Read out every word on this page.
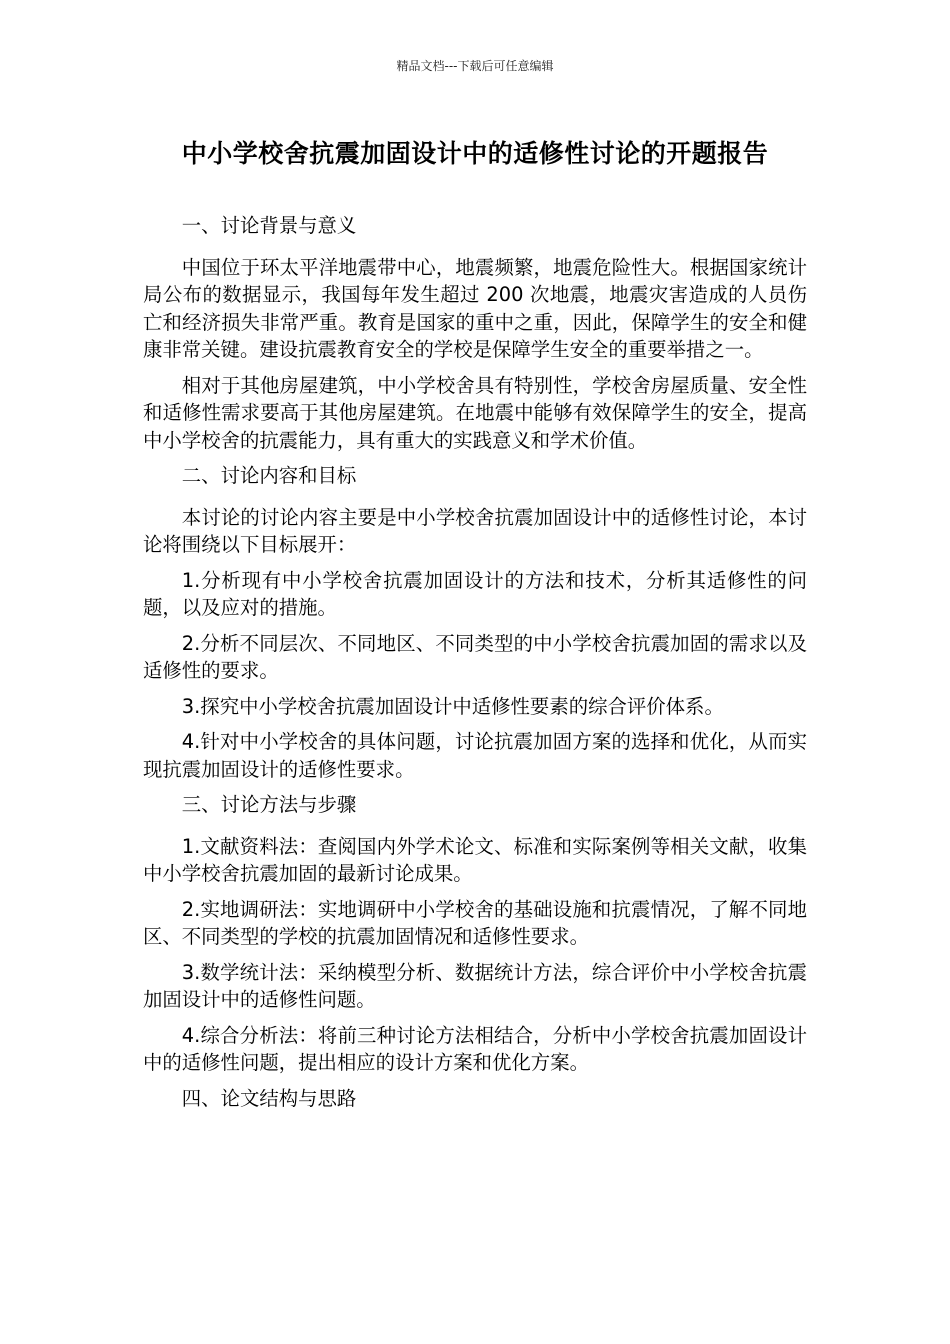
精品文档---下载后可任意编辑
中小学校舍抗震加固设计中的适修性讨论的开题报告

一、讨论背景与意义

中国位于环太平洋地震带中心，地震频繁，地震危险性大。根据国家统计局公布的数据显示，我国每年发生超过 200 次地震，地震灾害造成的人员伤亡和经济损失非常严重。教育是国家的重中之重，因此，保障学生的安全和健康非常关键。建设抗震教育安全的学校是保障学生安全的重要举措之一。

相对于其他房屋建筑，中小学校舍具有特别性，学校舍房屋质量、安全性和适修性需求要高于其他房屋建筑。在地震中能够有效保障学生的安全，提高中小学校舍的抗震能力，具有重大的实践意义和学术价值。

二、讨论内容和目标

本讨论的讨论内容主要是中小学校舍抗震加固设计中的适修性讨论，本讨论将围绕以下目标展开：

1.分析现有中小学校舍抗震加固设计的方法和技术，分析其适修性的问题，以及应对的措施。

2.分析不同层次、不同地区、不同类型的中小学校舍抗震加固的需求以及适修性的要求。

3.探究中小学校舍抗震加固设计中适修性要素的综合评价体系。

4.针对中小学校舍的具体问题，讨论抗震加固方案的选择和优化，从而实现抗震加固设计的适修性要求。

三、讨论方法与步骤

1.文献资料法：查阅国内外学术论文、标准和实际案例等相关文献，收集中小学校舍抗震加固的最新讨论成果。

2.实地调研法：实地调研中小学校舍的基础设施和抗震情况，了解不同地区、不同类型的学校的抗震加固情况和适修性要求。

3.数学统计法：采纳模型分析、数据统计方法，综合评价中小学校舍抗震加固设计中的适修性问题。

4.综合分析法：将前三种讨论方法相结合，分析中小学校舍抗震加固设计中的适修性问题，提出相应的设计方案和优化方案。

四、论文结构与思路
